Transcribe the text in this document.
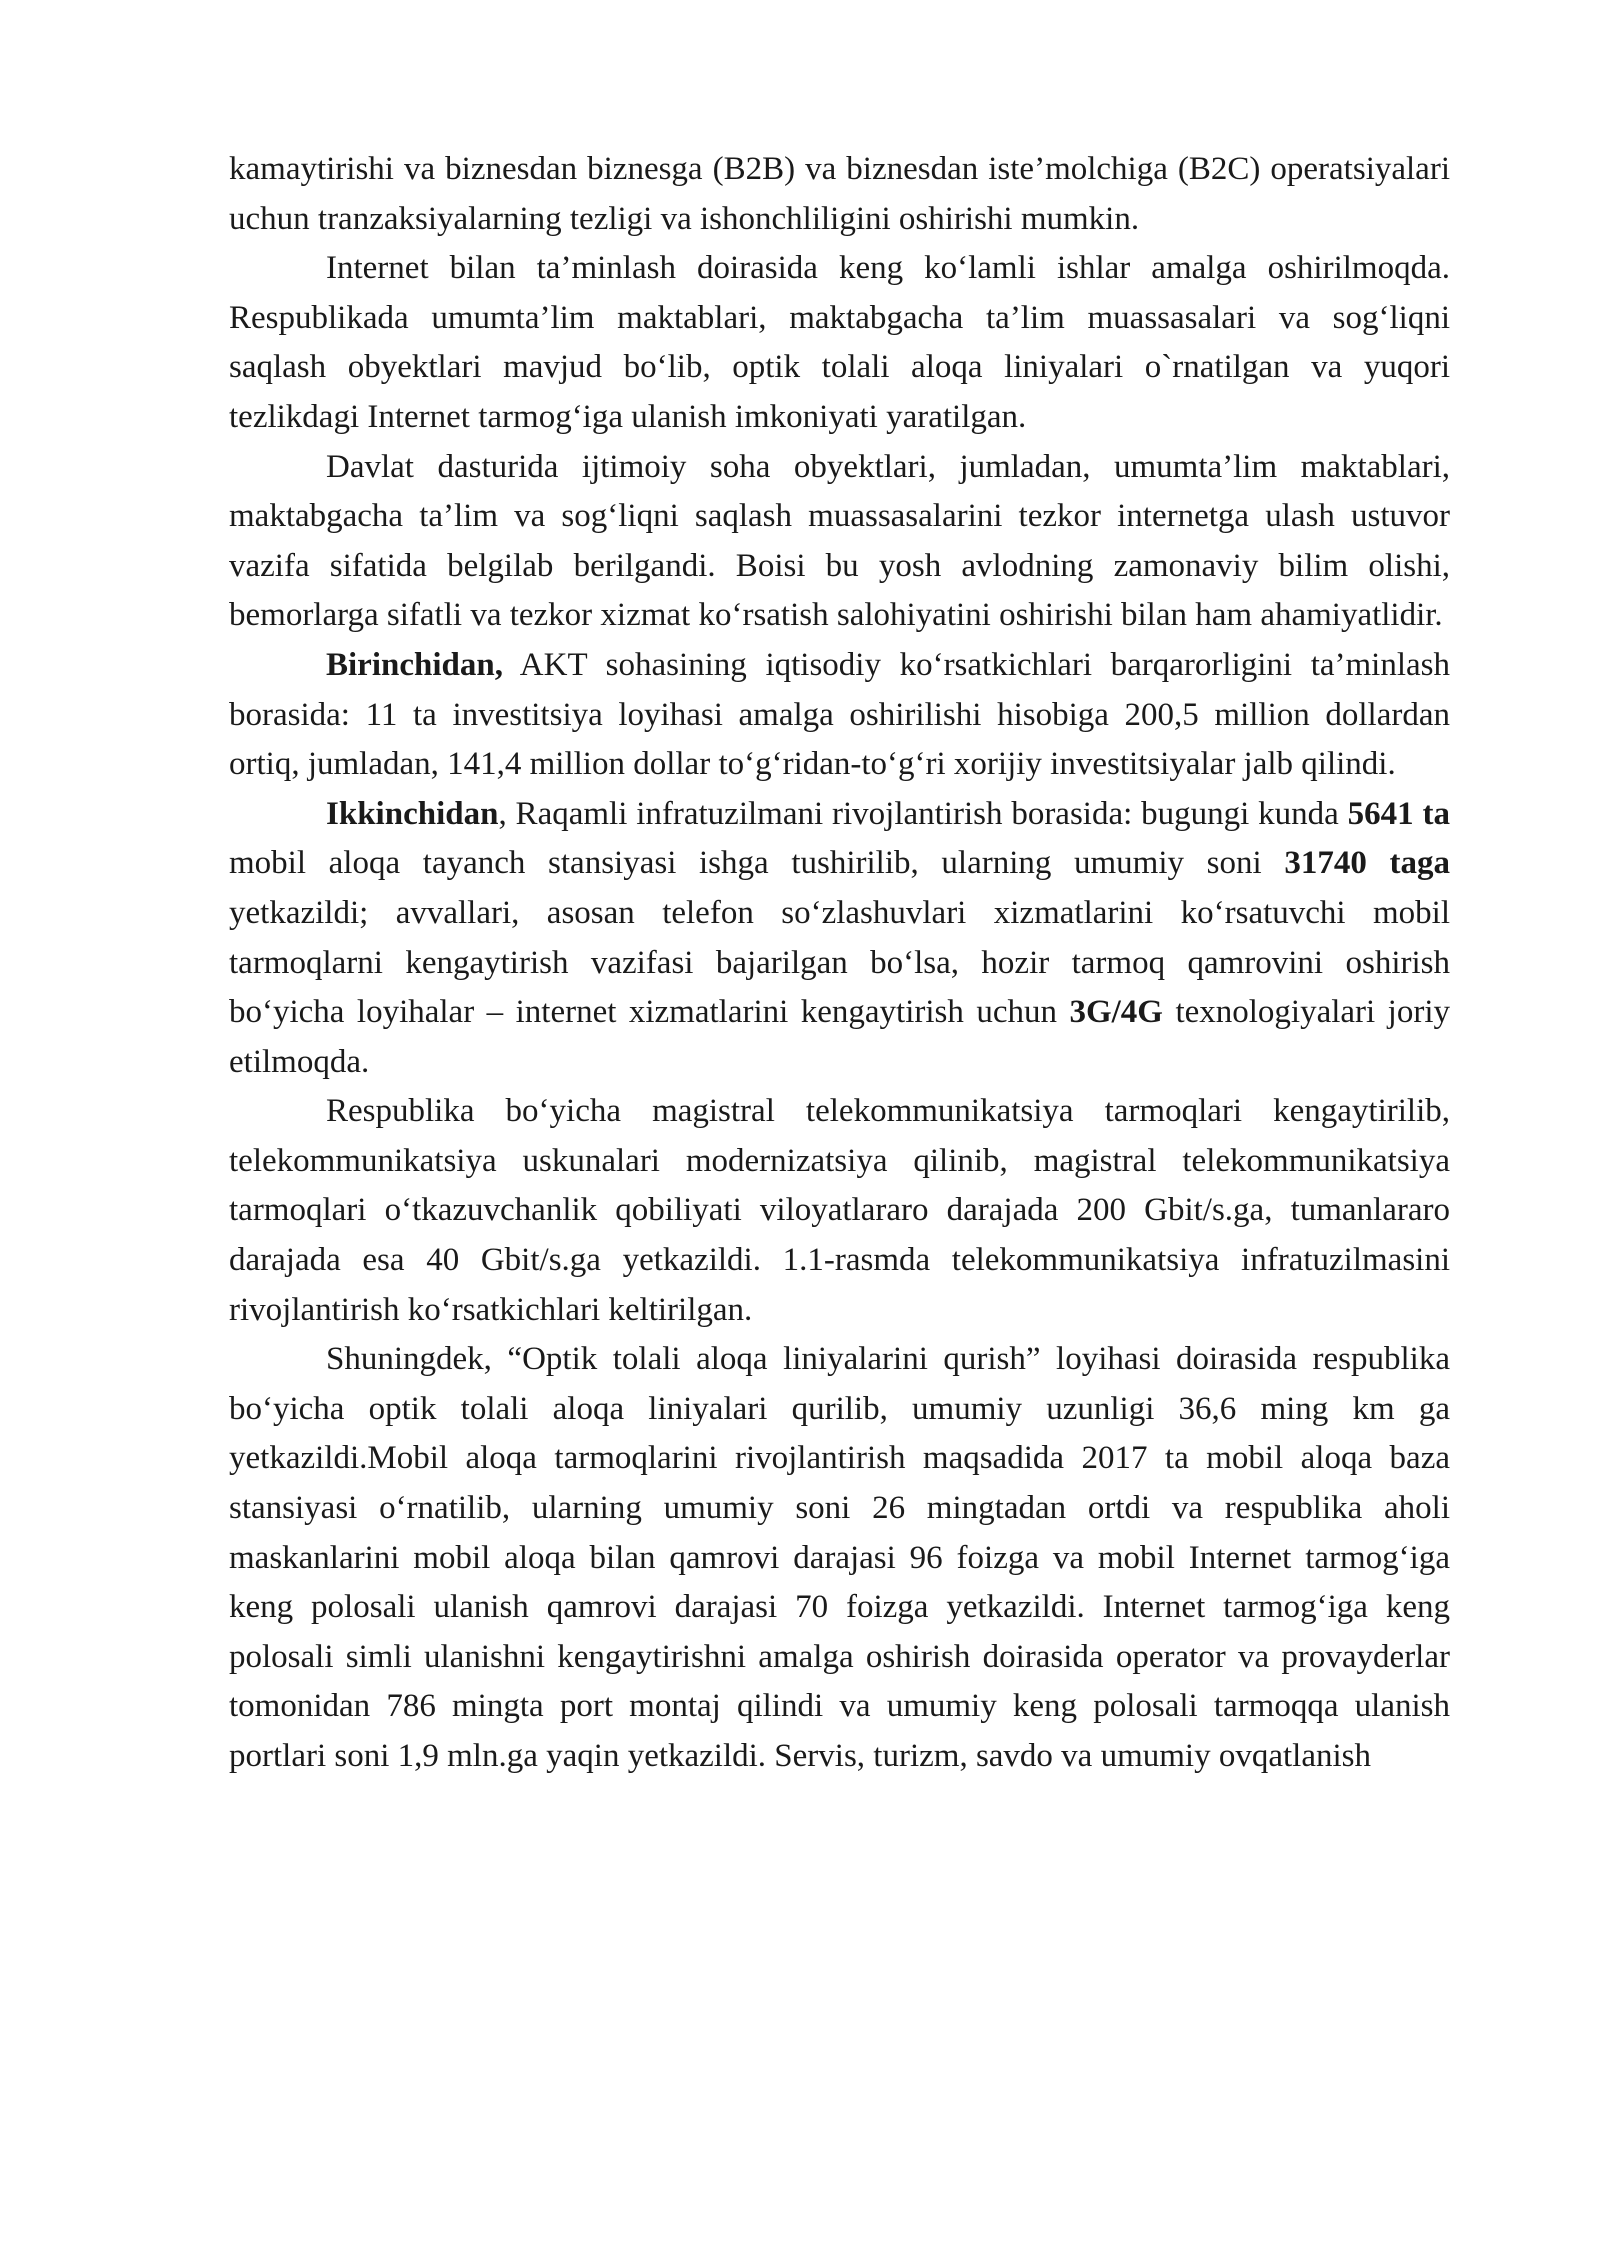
kamaytirishi va biznesdan biznesga (B2B) va biznesdan iste’molchiga (B2C) operatsiyalari uchun tranzaksiyalarning tezligi va ishonchliligini oshirishi mumkin.

Internet bilan ta’minlash doirasida keng ko‘lamli ishlar amalga oshirilmoqda. Respublikada umumta’lim maktablari, maktabgacha ta’lim muassasalari va sog‘liqni saqlash obyektlari mavjud bo‘lib, optik tolali aloqa liniyalari o`rnatilgan va yuqori tezlikdagi Internet tarmog‘iga ulanish imkoniyati yaratilgan.

Davlat dasturida ijtimoiy soha obyektlari, jumladan, umumta’lim maktablari, maktabgacha ta’lim va sog‘liqni saqlash muassasalarini tezkor internetga ulash ustuvor vazifa sifatida belgilab berilgandi. Boisi bu yosh avlodning zamonaviy bilim olishi, bemorlarga sifatli va tezkor xizmat ko‘rsatish salohiyatini oshirishi bilan ham ahamiyatlidir.

Birinchidan, AKT sohasining iqtisodiy ko‘rsatkichlari barqarorligini ta’minlash borasida: 11 ta investitsiya loyihasi amalga oshirilishi hisobiga 200,5 million dollardan ortiq, jumladan, 141,4 million dollar to‘g‘ridan-to‘g‘ri xorijiy investitsiyalar jalb qilindi.

Ikkinchidan, Raqamli infratuzilmani rivojlantirish borasida: bugungi kunda 5641 ta mobil aloqa tayanch stansiyasi ishga tushirilib, ularning umumiy soni 31740 taga yetkazildi; avvallari, asosan telefon so‘zlashuvlari xizmatlarini ko‘rsatuvchi mobil tarmoqlarni kengaytirish vazifasi bajarilgan bo‘lsa, hozir tarmoq qamrovini oshirish bo‘yicha loyihalar – internet xizmatlarini kengaytirish uchun 3G/4G texnologiyalari joriy etilmoqda.

Respublika bo‘yicha magistral telekommunikatsiya tarmoqlari kengaytirilib, telekommunikatsiya uskunalari modernizatsiya qilinib, magistral telekommunikatsiya tarmoqlari o‘tkazuvchanlik qobiliyati viloyatlararo darajada 200 Gbit/s.ga, tumanlararo darajada esa 40 Gbit/s.ga yetkazildi. 1.1-rasmda telekommunikatsiya infratuzilmasini rivojlantirish ko‘rsatkichlari keltirilgan.

Shuningdek, “Optik tolali aloqa liniyalarini qurish” loyihasi doirasida respublika bo‘yicha optik tolali aloqa liniyalari qurilib, umumiy uzunligi 36,6 ming km ga yetkazildi.Mobil aloqa tarmoqlarini rivojlantirish maqsadida 2017 ta mobil aloqa baza stansiyasi o‘rnatilib, ularning umumiy soni 26 mingtadan ortdi va respublika aholi maskanlarini mobil aloqa bilan qamrovi darajasi 96 foizga va mobil Internet tarmog‘iga keng polosali ulanish qamrovi darajasi 70 foizga yetkazildi. Internet tarmog‘iga keng polosali simli ulanishni kengaytirishni amalga oshirish doirasida operator va provayderlar tomonidan 786 mingta port montaj qilindi va umumiy keng polosali tarmoqqa ulanish portlari soni 1,9 mln.ga yaqin yetkazildi. Servis, turizm, savdo va umumiy ovqatlanish
